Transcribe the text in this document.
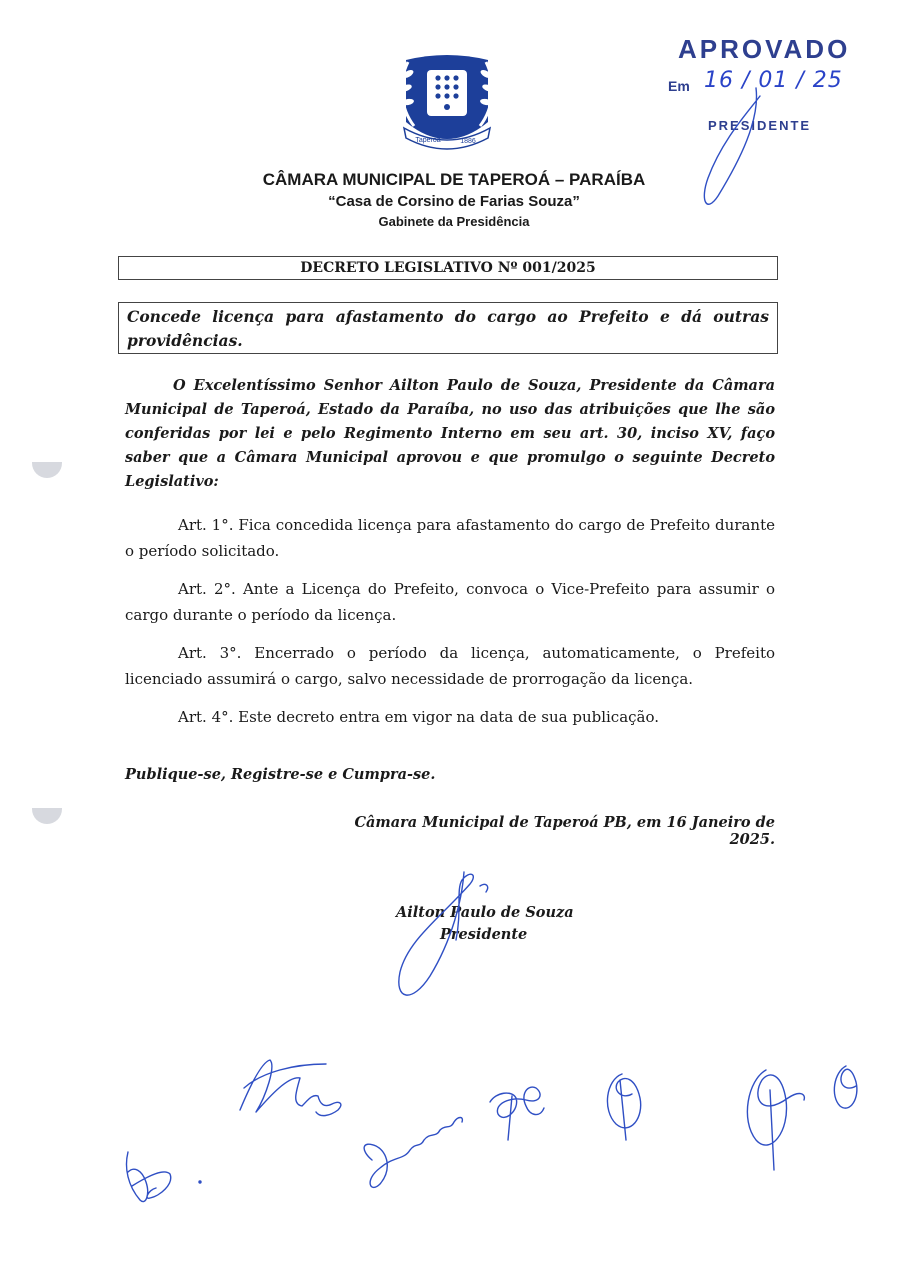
Taperoá	1886
APROVADO
Em 16 / 01 / 25
PRESIDENTE
CÂMARA MUNICIPAL DE TAPEROÁ – PARAÍBA
“Casa de Corsino de Farias Souza”
Gabinete da Presidência
DECRETO LEGISLATIVO Nº 001/2025
Concede licença para afastamento do cargo ao Prefeito e dá outras providências.
O Excelentíssimo Senhor Ailton Paulo de Souza, Presidente da Câmara Municipal de Taperoá, Estado da Paraíba, no uso das atribuições que lhe são conferidas por lei e pelo Regimento Interno em seu art. 30, inciso XV, faço saber que a Câmara Municipal aprovou e que promulgo o seguinte Decreto Legislativo:
Art. 1°. Fica concedida licença para afastamento do cargo de Prefeito durante o período solicitado.
Art. 2°. Ante a Licença do Prefeito, convoca o Vice-Prefeito para assumir o cargo durante o período da licença.
Art. 3°. Encerrado o período da licença, automaticamente, o Prefeito licenciado assumirá o cargo, salvo necessidade de prorrogação da licença.
Art. 4°. Este decreto entra em vigor na data de sua publicação.
Publique-se, Registre-se e Cumpra-se.
Câmara Municipal de Taperoá PB, em 16 Janeiro de 2025.
Ailton Paulo de Souza
Presidente
